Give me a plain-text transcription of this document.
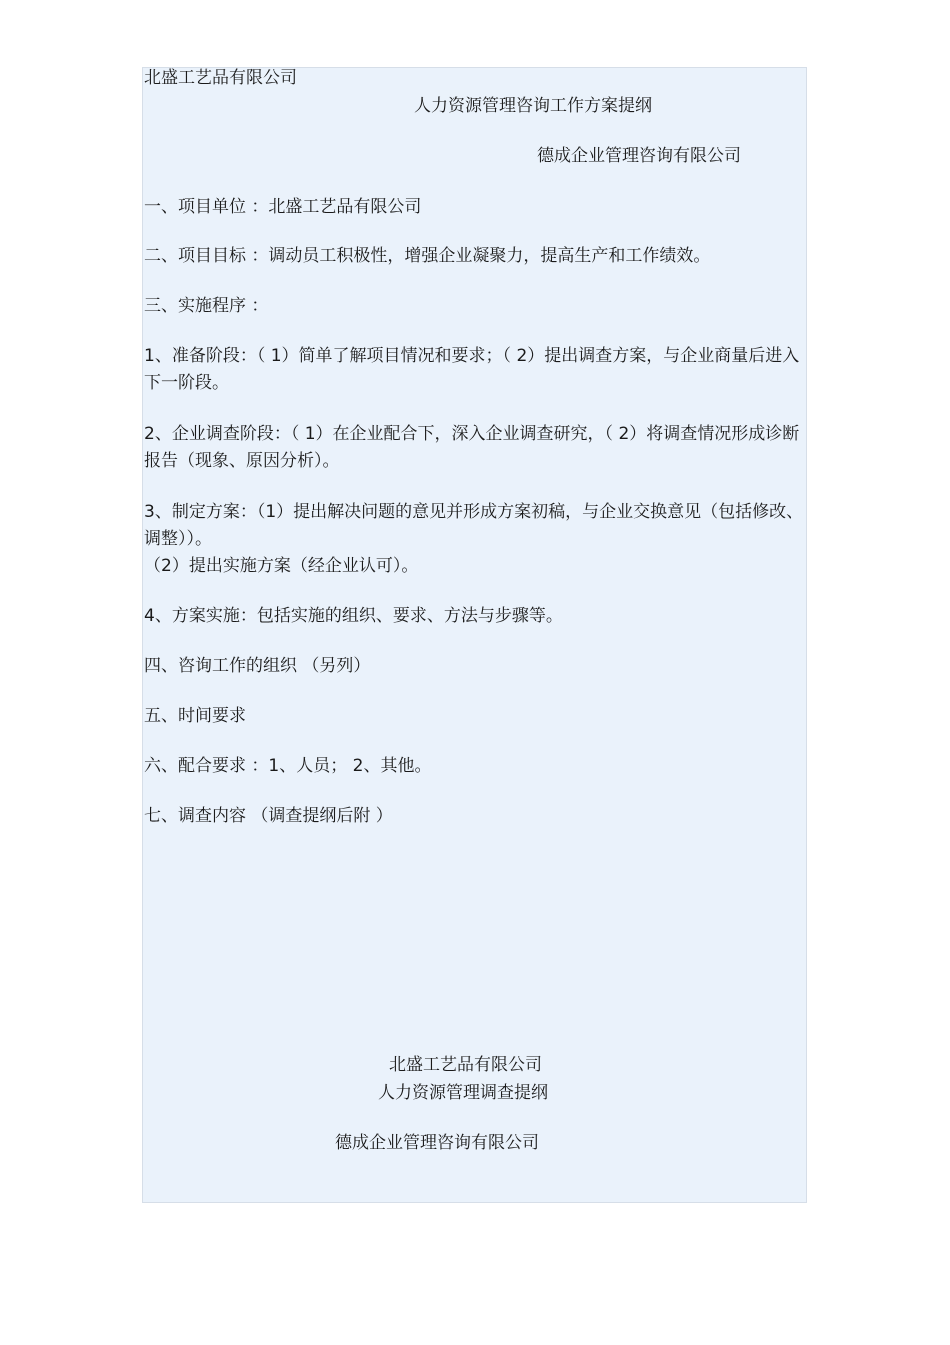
北盛工艺品有限公司
人力资源管理咨询工作方案提纲
德成企业管理咨询有限公司
一、项目单位 ：北盛工艺品有限公司
二、项目目标 ：调动员工积极性，增强企业凝聚力，提高生产和工作绩效。
三、实施程序 ：
1、准备阶段：（ 1）简单了解项目情况和要求；（ 2）提出调查方案，与企业商量后进入下一阶段。
2、企业调查阶段：（ 1）在企业配合下，深入企业调查研究，（ 2）将调查情况形成诊断报告（现象、原因分析）。
3、制定方案：（1）提出解决问题的意见并形成方案初稿，与企业交换意见（包括修改、调整））。
（2）提出实施方案（经企业认可）。
4、方案实施：包括实施的组织、要求、方法与步骤等。
四、咨询工作的组织 （另列）
五、时间要求
六、配合要求 ：1、人员； 2、其他。
七、调查内容 （调查提纲后附 ）
北盛工艺品有限公司
人力资源管理调查提纲
德成企业管理咨询有限公司
